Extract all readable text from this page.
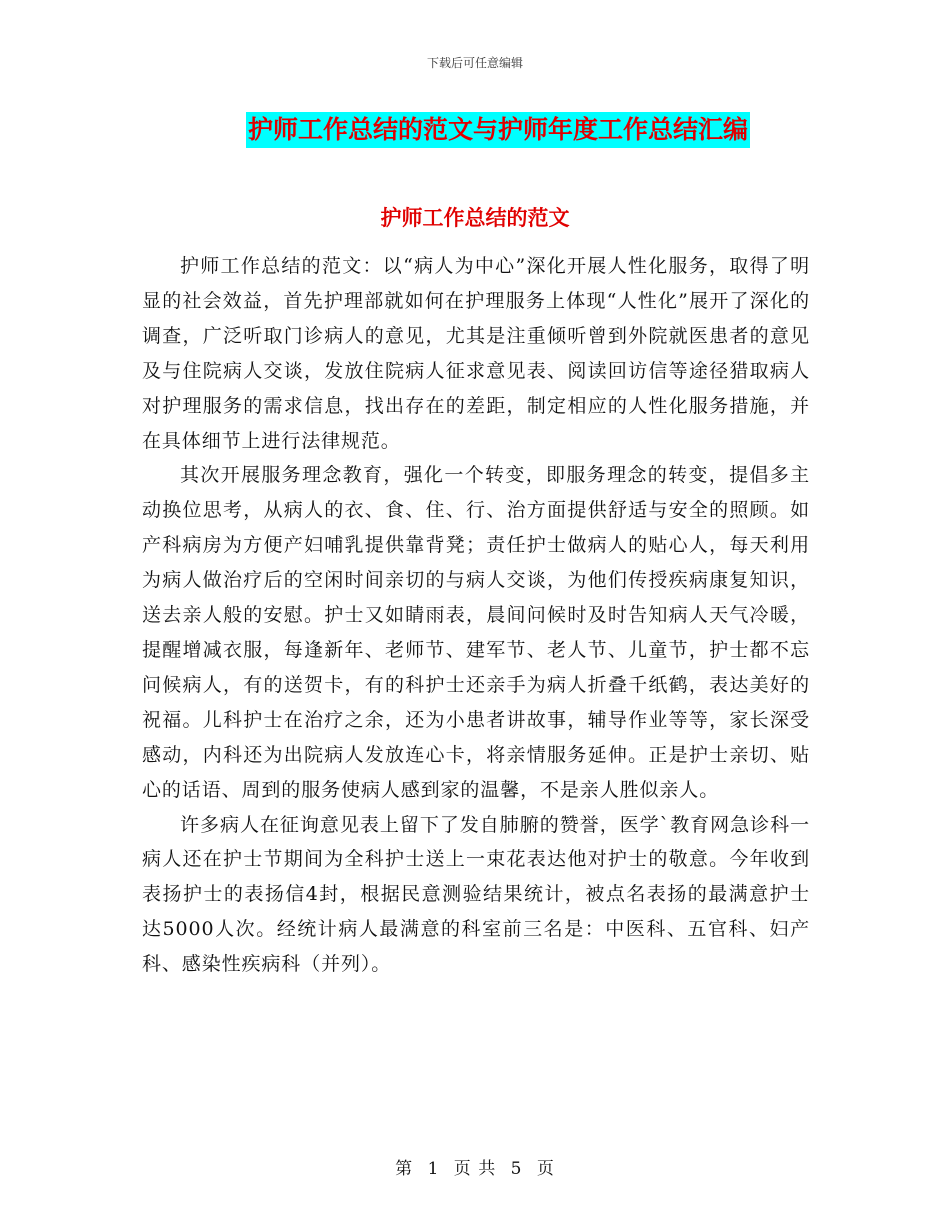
下载后可任意编辑
护师工作总结的范文与护师年度工作总结汇编
护师工作总结的范文

护师工作总结的范文：以“病人为中心”深化开展人性化服务，取得了明显的社会效益，首先护理部就如何在护理服务上体现“人性化”展开了深化的调查，广泛听取门诊病人的意见，尤其是注重倾听曾到外院就医患者的意见及与住院病人交谈，发放住院病人征求意见表、阅读回访信等途径猎取病人对护理服务的需求信息，找出存在的差距，制定相应的人性化服务措施，并在具体细节上进行法律规范。

其次开展服务理念教育，强化一个转变，即服务理念的转变，提倡多主动换位思考，从病人的衣、食、住、行、治方面提供舒适与安全的照顾。如产科病房为方便产妇哺乳提供靠背凳；责任护士做病人的贴心人，每天利用为病人做治疗后的空闲时间亲切的与病人交谈，为他们传授疾病康复知识，送去亲人般的安慰。护士又如睛雨表，晨间问候时及时告知病人天气冷暖，提醒增减衣服，每逢新年、老师节、建军节、老人节、儿童节，护士都不忘问候病人，有的送贺卡，有的科护士还亲手为病人折叠千纸鹤，表达美好的祝福。儿科护士在治疗之余，还为小患者讲故事，辅导作业等等，家长深受感动，内科还为出院病人发放连心卡，将亲情服务延伸。正是护士亲切、贴心的话语、周到的服务使病人感到家的温馨，不是亲人胜似亲人。

许多病人在征询意见表上留下了发自肺腑的赞誉，医学`教育网急诊科一病人还在护士节期间为全科护士送上一束花表达他对护士的敬意。今年收到表扬护士的表扬信4封，根据民意测验结果统计，被点名表扬的最满意护士达5000人次。经统计病人最满意的科室前三名是：中医科、五官科、妇产科、感染性疾病科（并列）。

第 1 页 共 5 页
